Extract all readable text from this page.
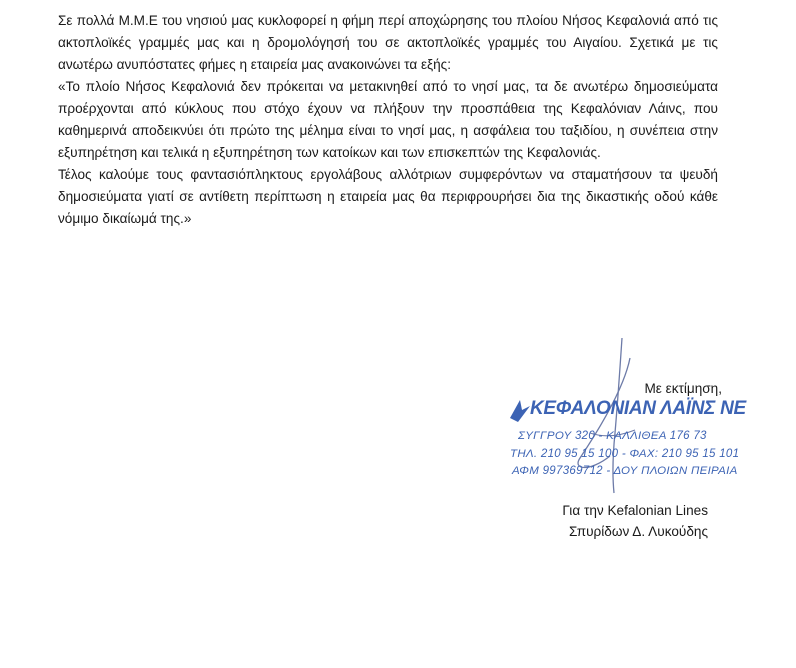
Σε πολλά Μ.Μ.Ε του νησιού μας κυκλοφορεί η φήμη περί αποχώρησης του πλοίου Νήσος Κεφαλονιά από τις ακτοπλοϊκές γραμμές μας και η δρομολόγησή του σε ακτοπλοϊκές γραμμές του Αιγαίου. Σχετικά με τις ανωτέρω ανυπόστατες φήμες η εταιρεία μας ανακοινώνει τα εξής:

«Το πλοίο Νήσος Κεφαλονιά δεν πρόκειται να μετακινηθεί από το νησί μας, τα δε ανωτέρω δημοσιεύματα προέρχονται από κύκλους που στόχο έχουν να πλήξουν την προσπάθεια της Κεφαλόνιαν Λάινς, που καθημερινά αποδεικνύει ότι πρώτο της μέλημα είναι το νησί μας, η ασφάλεια του ταξιδίου, η συνέπεια στην εξυπηρέτηση και τελικά η εξυπηρέτηση των κατοίκων και των επισκεπτών της Κεφαλονιάς.

Τέλος καλούμε τους φαντασιόπληκτους εργολάβους αλλότριων συμφερόντων να σταματήσουν τα ψευδή δημοσιεύματα γιατί σε αντίθετη περίπτωση η εταιρεία μας θα περιφρουρήσει δια της δικαστικής οδού κάθε νόμιμο δικαίωμά της.»

Με εκτίμηση,
ΚΕΦΑΛΟΝΙΑΝ ΛΑΪΝΣ ΝΕ
ΣΥΓΓΡΟΥ 320 - ΚΑΛΛΙΘΕΑ 176 73
ΤΗΛ. 210 95 15 100 - ΦΑΧ: 210 95 15 101
ΑΦΜ 997369712 - ΔΟΥ ΠΛΟΙΩΝ ΠΕΙΡΑΙΑ
Για την Kefalonian Lines
Σπυρίδων Δ. Λυκούδης
